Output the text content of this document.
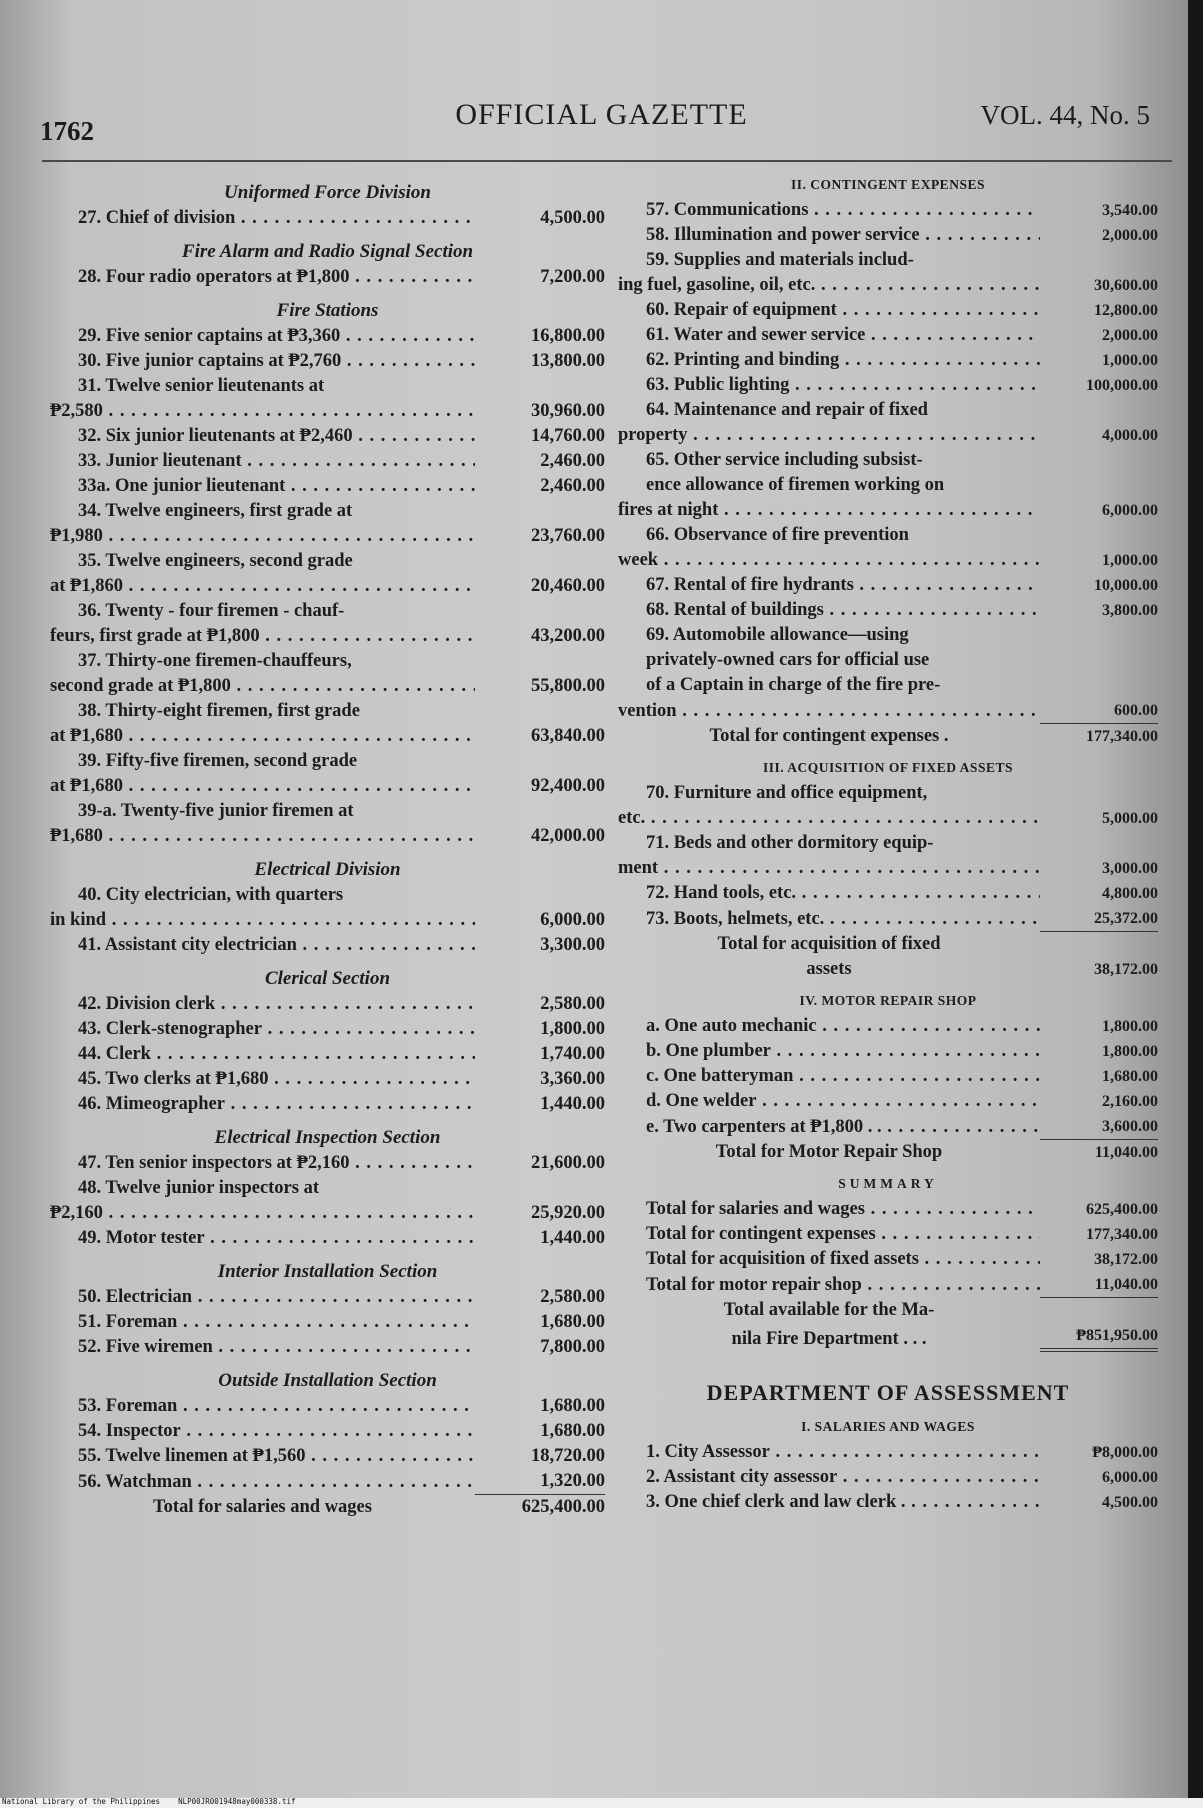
1762	OFFICIAL GAZETTE	VOL. 44, No. 5
Uniformed Force Division
27. Chief of division . . .	4,500.00
Fire Alarm and Radio Signal Section
28. Four radio operators at ₱1,800 . . .	7,200.00
Fire Stations
29. Five senior captains at ₱3,360 . . .	16,800.00
30. Five junior captains at ₱2,760 . . .	13,800.00
31. Twelve senior lieutenants at
₱2,580 . . .	30,960.00
32. Six junior lieutenants at ₱2,460 . . .	14,760.00
33. Junior lieutenant . . .	2,460.00
33a. One junior lieutenant . . .	2,460.00
34. Twelve engineers, first grade at
₱1,980 . . .	23,760.00
35. Twelve engineers, second grade
at ₱1,860 . . .	20,460.00
36. Twenty - four firemen - chauf-
feurs, first grade at ₱1,800 . . .	43,200.00
37. Thirty-one firemen-chauffeurs,
second grade at ₱1,800 . . .	55,800.00
38. Thirty-eight firemen, first grade
at ₱1,680 . . .	63,840.00
39. Fifty-five firemen, second grade
at ₱1,680 . . .	92,400.00
39-a. Twenty-five junior firemen at
₱1,680 . . .	42,000.00
Electrical Division
40. City electrician, with quarters
in kind . . .	6,000.00
41. Assistant city electrician . . .	3,300.00
Clerical Section
42. Division clerk . . .	2,580.00
43. Clerk-stenographer . . .	1,800.00
44. Clerk . . .	1,740.00
45. Two clerks at ₱1,680 . . .	3,360.00
46. Mimeographer . . .	1,440.00
Electrical Inspection Section
47. Ten senior inspectors at ₱2,160 . . .	21,600.00
48. Twelve junior inspectors at
₱2,160 . . .	25,920.00
49. Motor tester . . .	1,440.00
Interior Installation Section
50. Electrician . . .	2,580.00
51. Foreman . . .	1,680.00
52. Five wiremen . . .	7,800.00
Outside Installation Section
53. Foreman . . .	1,680.00
54. Inspector . . .	1,680.00
55. Twelve linemen at ₱1,560 . . .	18,720.00
56. Watchman . . .	1,320.00
Total for salaries and wages	625,400.00
II. CONTINGENT EXPENSES
57. Communications . . .	3,540.00
58. Illumination and power service . . .	2,000.00
59. Supplies and materials includ-
ing fuel, gasoline, oil, etc. . . .	30,600.00
60. Repair of equipment . . .	12,800.00
61. Water and sewer service . . .	2,000.00
62. Printing and binding . . .	1,000.00
63. Public lighting . . .	100,000.00
64. Maintenance and repair of fixed
property . . .	4,000.00
65. Other service including subsist-
ence allowance of firemen working on
fires at night . . .	6,000.00
66. Observance of fire prevention
week . . .	1,000.00
67. Rental of fire hydrants . . .	10,000.00
68. Rental of buildings . . .	3,800.00
69. Automobile allowance—using
privately-owned cars for official use
of a Captain in charge of the fire pre-
vention . . .	600.00
Total for contingent expenses .	177,340.00
III. ACQUISITION OF FIXED ASSETS
70. Furniture and office equipment,
etc. . . .	5,000.00
71. Beds and other dormitory equip-
ment . . .	3,000.00
72. Hand tools, etc. . . .	4,800.00
73. Boots, helmets, etc. . . .	25,372.00
Total for acquisition of fixed
assets	38,172.00
IV. MOTOR REPAIR SHOP
a. One auto mechanic . . .	1,800.00
b. One plumber . . .	1,800.00
c. One batteryman . . .	1,680.00
d. One welder . . .	2,160.00
e. Two carpenters at ₱1,800 . . . . .	3,600.00
Total for Motor Repair Shop	11,040.00
SUMMARY
Total for salaries and wages . . .	625,400.00
Total for contingent expenses . . .	177,340.00
Total for acquisition of fixed assets . . .	38,172.00
Total for motor repair shop . . .	11,040.00
Total available for the Ma-
nila Fire Department . . .	₱851,950.00
DEPARTMENT OF ASSESSMENT
I. SALARIES AND WAGES
1. City Assessor . . .	₱8,000.00
2. Assistant city assessor . . .	6,000.00
3. One chief clerk and law clerk . . . .	4,500.00
National Library of the Philippines    NLP00JR001948may000338.tif
